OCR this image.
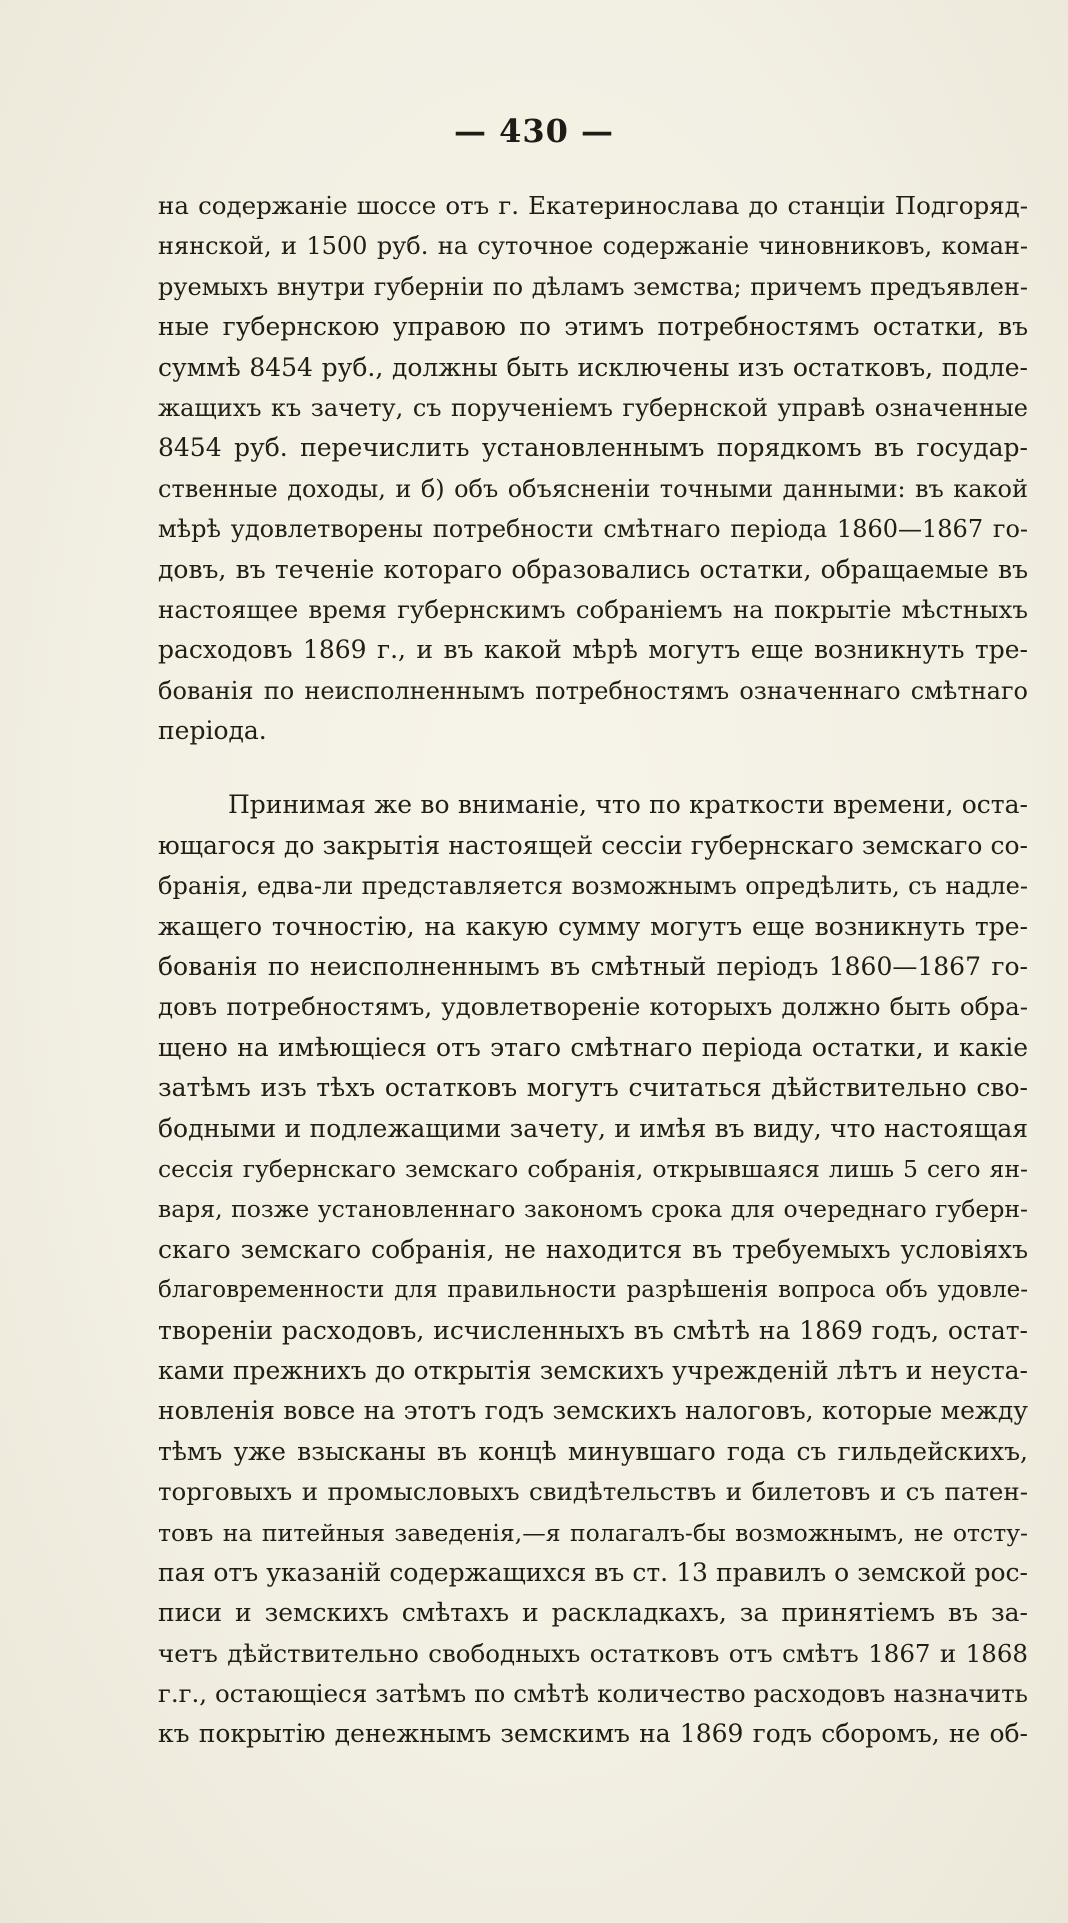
— 430 —
на содержанiе шоссе отъ г. Екатеринослава до станцiи Подгоряд-
нянской, и 1500 руб. на суточное содержанiе чиновниковъ, коман-
руемыхъ внутри губернiи по дѣламъ земства; причемъ предъявлен-
ные губернскою управою по этимъ потребностямъ остатки, въ
суммѣ 8454 руб., должны быть исключены изъ остатковъ, подле-
жащихъ къ зачету, съ порученiемъ губернской управѣ означенные
8454 руб. перечислить установленнымъ порядкомъ въ государ-
ственные доходы, и б) объ объясненiи точными данными: въ какой
мѣрѣ удовлетворены потребности смѣтнаго перiода 1860—1867 го-
довъ, въ теченiе котораго образовались остатки, обращаемые въ
настоящее время губернскимъ собранiемъ на покрытiе мѣстныхъ
расходовъ 1869 г., и въ какой мѣрѣ могутъ еще возникнуть тре-
бованiя по неисполненнымъ потребностямъ означеннаго смѣтнаго
перiода.
Принимая же во вниманiе, что по краткости времени, оста-
ющагося до закрытiя настоящей сессiи губернскаго земскаго со-
бранiя, едва-ли представляется возможнымъ опредѣлить, съ надле-
жащего точностiю, на какую сумму могутъ еще возникнуть тре-
бованiя по неисполненнымъ въ смѣтный перiодъ 1860—1867 го-
довъ потребностямъ, удовлетворенiе которыхъ должно быть обра-
щено на имѣющiеся отъ этаго смѣтнаго перiода остатки, и какiе
затѣмъ изъ тѣхъ остатковъ могутъ считаться дѣйствительно сво-
бодными и подлежащими зачету, и имѣя въ виду, что настоящая
сессiя губернскаго земскаго собранiя, открывшаяся лишь 5 сего ян-
варя, позже установленнаго закономъ срока для очереднаго губерн-
скаго земскаго собранiя, не находится въ требуемыхъ условiяхъ
благовременности для правильности разрѣшенiя вопроса объ удовле-
творенiи расходовъ, исчисленныхъ въ смѣтѣ на 1869 годъ, остат-
ками прежнихъ до открытiя земскихъ учрежденiй лѣтъ и неуста-
новленiя вовсе на этотъ годъ земскихъ налоговъ, которые между
тѣмъ уже взысканы въ концѣ минувшаго года съ гильдейскихъ,
торговыхъ и промысловыхъ свидѣтельствъ и билетовъ и съ патен-
товъ на питейныя заведенiя,—я полагалъ-бы возможнымъ, не отсту-
пая отъ указанiй содержащихся въ ст. 13 правилъ о земской рос-
писи и земскихъ смѣтахъ и раскладкахъ, за принятiемъ въ за-
четъ дѣйствительно свободныхъ остатковъ отъ смѣтъ 1867 и 1868
г.г., остающiеся затѣмъ по смѣтѣ количество расходовъ назначить
къ покрытiю денежнымъ земскимъ на 1869 годъ сборомъ, не об-
